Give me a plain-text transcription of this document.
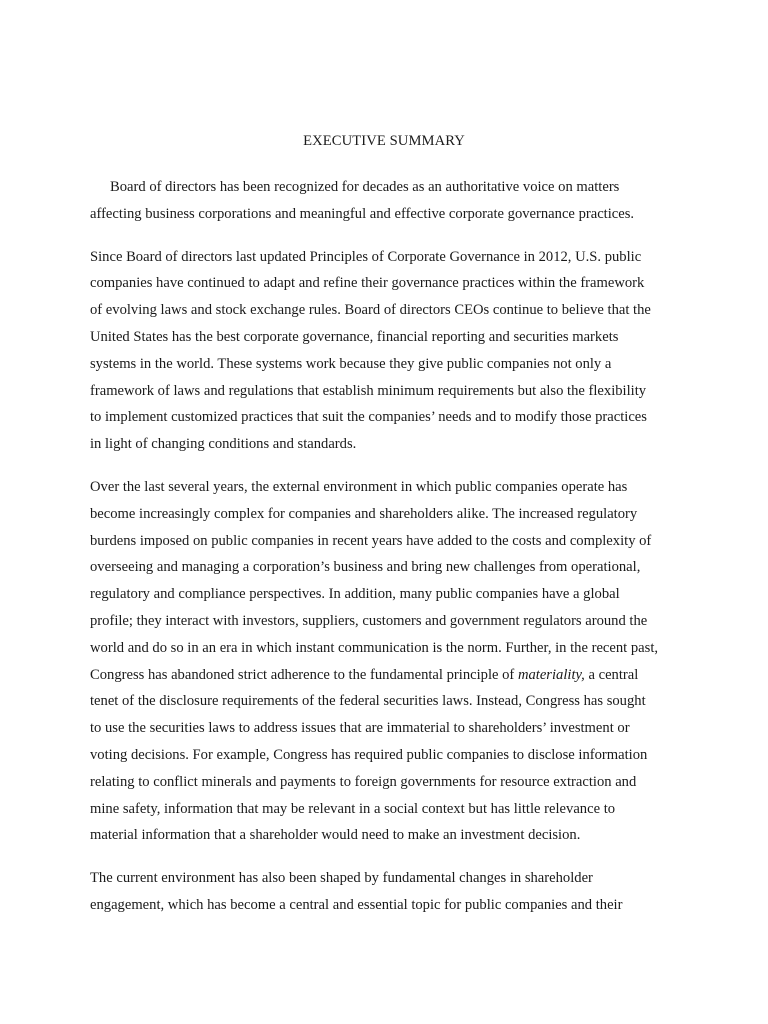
EXECUTIVE SUMMARY

Board of directors has been recognized for decades as an authoritative voice on matters
affecting business corporations and meaningful and effective corporate governance practices.

Since Board of directors last updated Principles of Corporate Governance in 2012, U.S. public
companies have continued to adapt and refine their governance practices within the framework
of evolving laws and stock exchange rules. Board of directors CEOs continue to believe that the
United States has the best corporate governance, financial reporting and securities markets
systems in the world. These systems work because they give public companies not only a
framework of laws and regulations that establish minimum requirements but also the flexibility
to implement customized practices that suit the companies’ needs and to modify those practices
in light of changing conditions and standards.

Over the last several years, the external environment in which public companies operate has
become increasingly complex for companies and shareholders alike. The increased regulatory
burdens imposed on public companies in recent years have added to the costs and complexity of
overseeing and managing a corporation’s business and bring new challenges from operational,
regulatory and compliance perspectives. In addition, many public companies have a global
profile; they interact with investors, suppliers, customers and government regulators around the
world and do so in an era in which instant communication is the norm. Further, in the recent past,
Congress has abandoned strict adherence to the fundamental principle of materiality, a central
tenet of the disclosure requirements of the federal securities laws. Instead, Congress has sought
to use the securities laws to address issues that are immaterial to shareholders’ investment or
voting decisions. For example, Congress has required public companies to disclose information
relating to conflict minerals and payments to foreign governments for resource extraction and
mine safety, information that may be relevant in a social context but has little relevance to
material information that a shareholder would need to make an investment decision.

The current environment has also been shaped by fundamental changes in shareholder
engagement, which has become a central and essential topic for public companies and their
